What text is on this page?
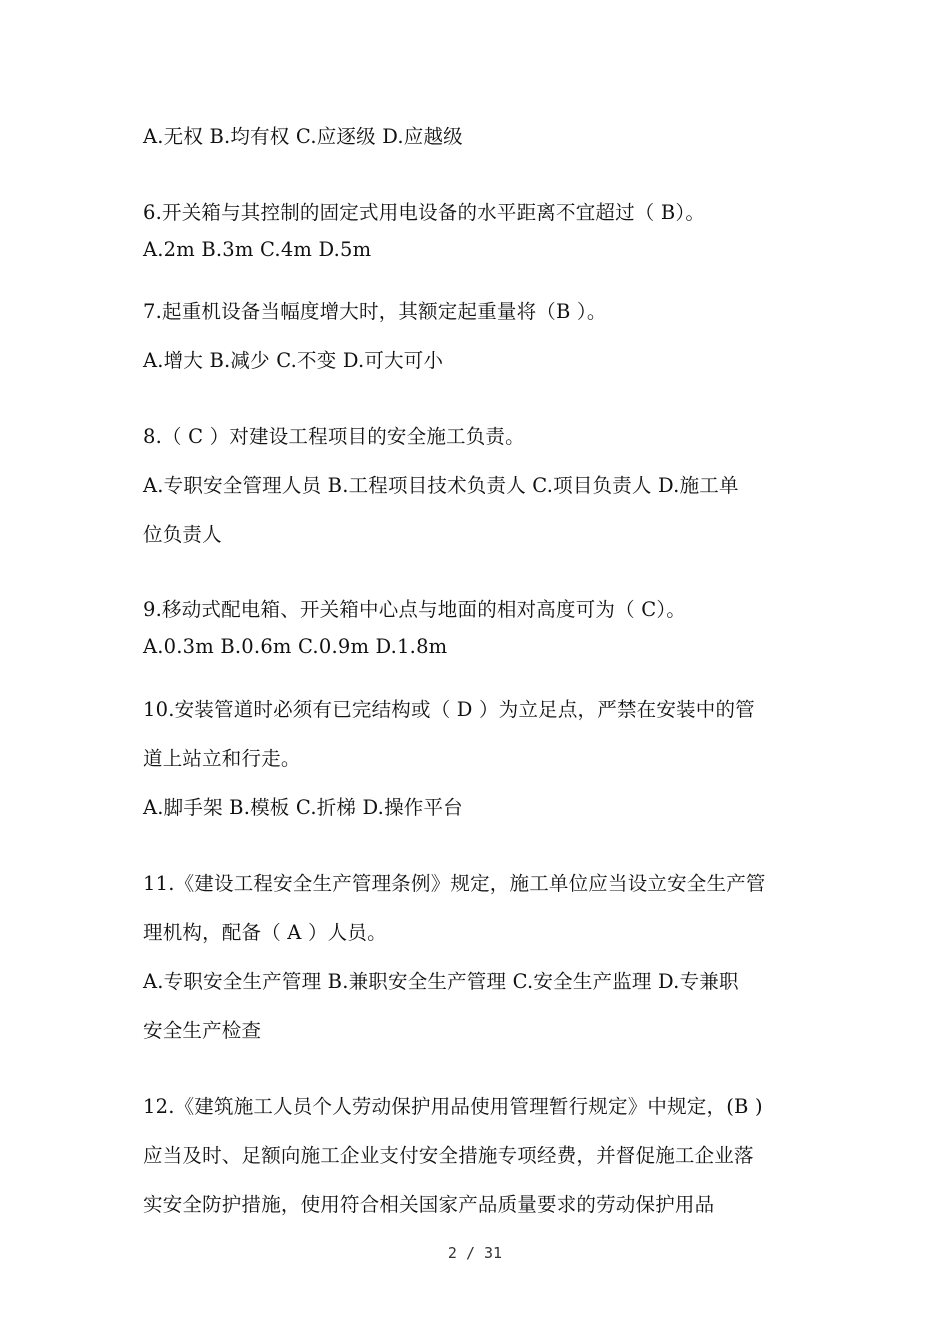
A.无权 B.均有权 C.应逐级 D.应越级
6.开关箱与其控制的固定式用电设备的水平距离不宜超过（ B）。
A.2m B.3m C.4m D.5m
7.起重机设备当幅度增大时，其额定起重量将（B ）。
A.增大 B.减少 C.不变 D.可大可小
8.（ C ）对建设工程项目的安全施工负责。
A.专职安全管理人员 B.工程项目技术负责人 C.项目负责人 D.施工单
位负责人
9.移动式配电箱、开关箱中心点与地面的相对高度可为（ C）。
A.0.3m B.0.6m C.0.9m D.1.8m
10.安装管道时必须有已完结构或（ D ）为立足点，严禁在安装中的管
道上站立和行走。
A.脚手架 B.模板 C.折梯 D.操作平台
11.《建设工程安全生产管理条例》规定，施工单位应当设立安全生产管
理机构，配备（ A ）人员。
A.专职安全生产管理 B.兼职安全生产管理 C.安全生产监理 D.专兼职
安全生产检查
12.《建筑施工人员个人劳动保护用品使用管理暂行规定》中规定，(B )
应当及时、足额向施工企业支付安全措施专项经费，并督促施工企业落
实安全防护措施，使用符合相关国家产品质量要求的劳动保护用品
2 / 31
